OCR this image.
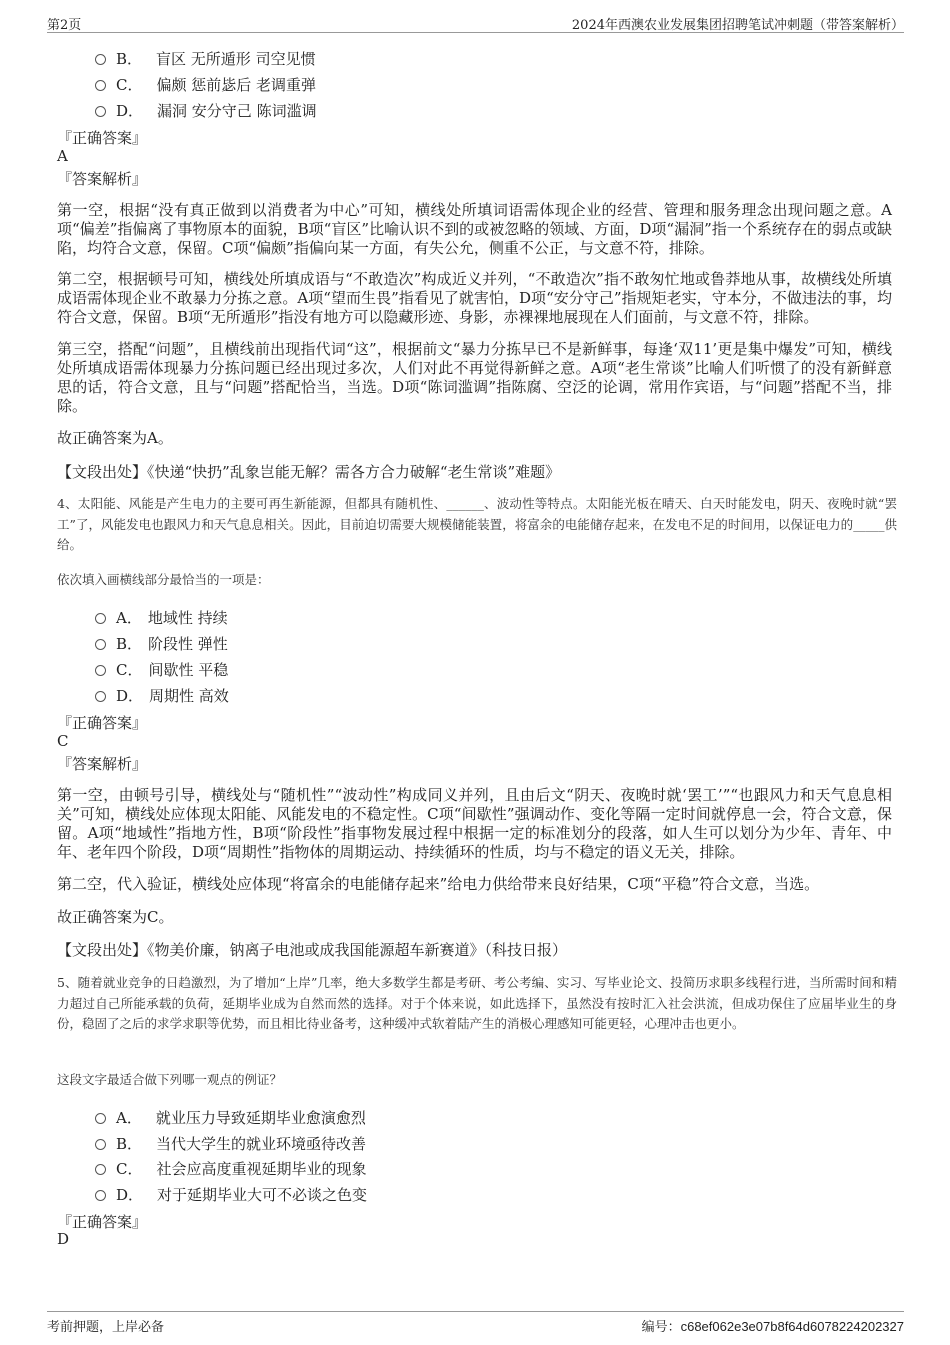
第2页	2024年西澳农业发展集团招聘笔试冲刺题（带答案解析）
B． 盲区 无所遁形 司空见惯
C． 偏颇 惩前毖后 老调重弹
D． 漏洞 安分守己 陈词滥调
『正确答案』
A
『答案解析』

第一空，根据“没有真正做到以消费者为中心”可知，横线处所填词语需体现企业的经营、管理和服务理念出现问题之意。A项“偏差”指偏离了事物原本的面貌，B项“盲区”比喻认识不到的或被忽略的领域、方面，D项“漏洞”指一个系统存在的弱点或缺陷，均符合文意，保留。C项“偏颇”指偏向某一方面，有失公允，侧重不公正，与文意不符，排除。

第二空，根据顿号可知，横线处所填成语与“不敢造次”构成近义并列，“不敢造次”指不敢匆忙地或鲁莽地从事，故横线处所填成语需体现企业不敢暴力分拣之意。A项“望而生畏”指看见了就害怕，D项“安分守己”指规矩老实，守本分，不做违法的事，均符合文意，保留。B项“无所遁形”指没有地方可以隐藏形迹、身影，赤裸裸地展现在人们面前，与文意不符，排除。

第三空，搭配“问题”，且横线前出现指代词“这”，根据前文“暴力分拣早已不是新鲜事，每逢‘双11’更是集中爆发”可知，横线处所填成语需体现暴力分拣问题已经出现过多次，人们对此不再觉得新鲜之意。A项“老生常谈”比喻人们听惯了的没有新鲜意思的话，符合文意，且与“问题”搭配恰当，当选。D项“陈词滥调”指陈腐、空泛的论调，常用作宾语，与“问题”搭配不当，排除。

故正确答案为A。

【文段出处】《快递“快扔”乱象岂能无解？需各方合力破解“老生常谈”难题》

4、太阳能、风能是产生电力的主要可再生新能源，但都具有随机性、______、波动性等特点。太阳能光板在晴天、白天时能发电，阴天、夜晚时就“罢工”了，风能发电也跟风力和天气息息相关。因此，目前迫切需要大规模储能装置，将富余的电能储存起来，在发电不足的时间用，以保证电力的_____供给。

依次填入画横线部分最恰当的一项是：
A． 地域性 持续
B． 阶段性 弹性
C． 间歇性 平稳
D． 周期性 高效
『正确答案』
C
『答案解析』

第一空，由顿号引导，横线处与“随机性”“波动性”构成同义并列，且由后文“阴天、夜晚时就‘罢工’”“也跟风力和天气息息相关”可知，横线处应体现太阳能、风能发电的不稳定性。C项“间歇性”强调动作、变化等隔一定时间就停息一会，符合文意，保留。A项“地域性”指地方性，B项“阶段性”指事物发展过程中根据一定的标准划分的段落，如人生可以划分为少年、青年、中年、老年四个阶段，D项“周期性”指物体的周期运动、持续循环的性质，均与不稳定的语义无关，排除。

第二空，代入验证，横线处应体现“将富余的电能储存起来”给电力供给带来良好结果，C项“平稳”符合文意，当选。

故正确答案为C。

【文段出处】《物美价廉，钠离子电池或成我国能源超车新赛道》（科技日报）

5、随着就业竞争的日趋激烈，为了增加“上岸”几率，绝大多数学生都是考研、考公考编、实习、写毕业论文、投简历求职多线程行进，当所需时间和精力超过自己所能承载的负荷，延期毕业成为自然而然的选择。对于个体来说，如此选择下，虽然没有按时汇入社会洪流，但成功保住了应届毕业生的身份，稳固了之后的求学求职等优势，而且相比待业备考，这种缓冲式软着陆产生的消极心理感知可能更轻，心理冲击也更小。

这段文字最适合做下列哪一观点的例证？
A． 就业压力导致延期毕业愈演愈烈
B． 当代大学生的就业环境亟待改善
C． 社会应高度重视延期毕业的现象
D． 对于延期毕业大可不必谈之色变
『正确答案』
D
考前押题，上岸必备	编号：c68ef062e3e07b8f64d6078224202327
